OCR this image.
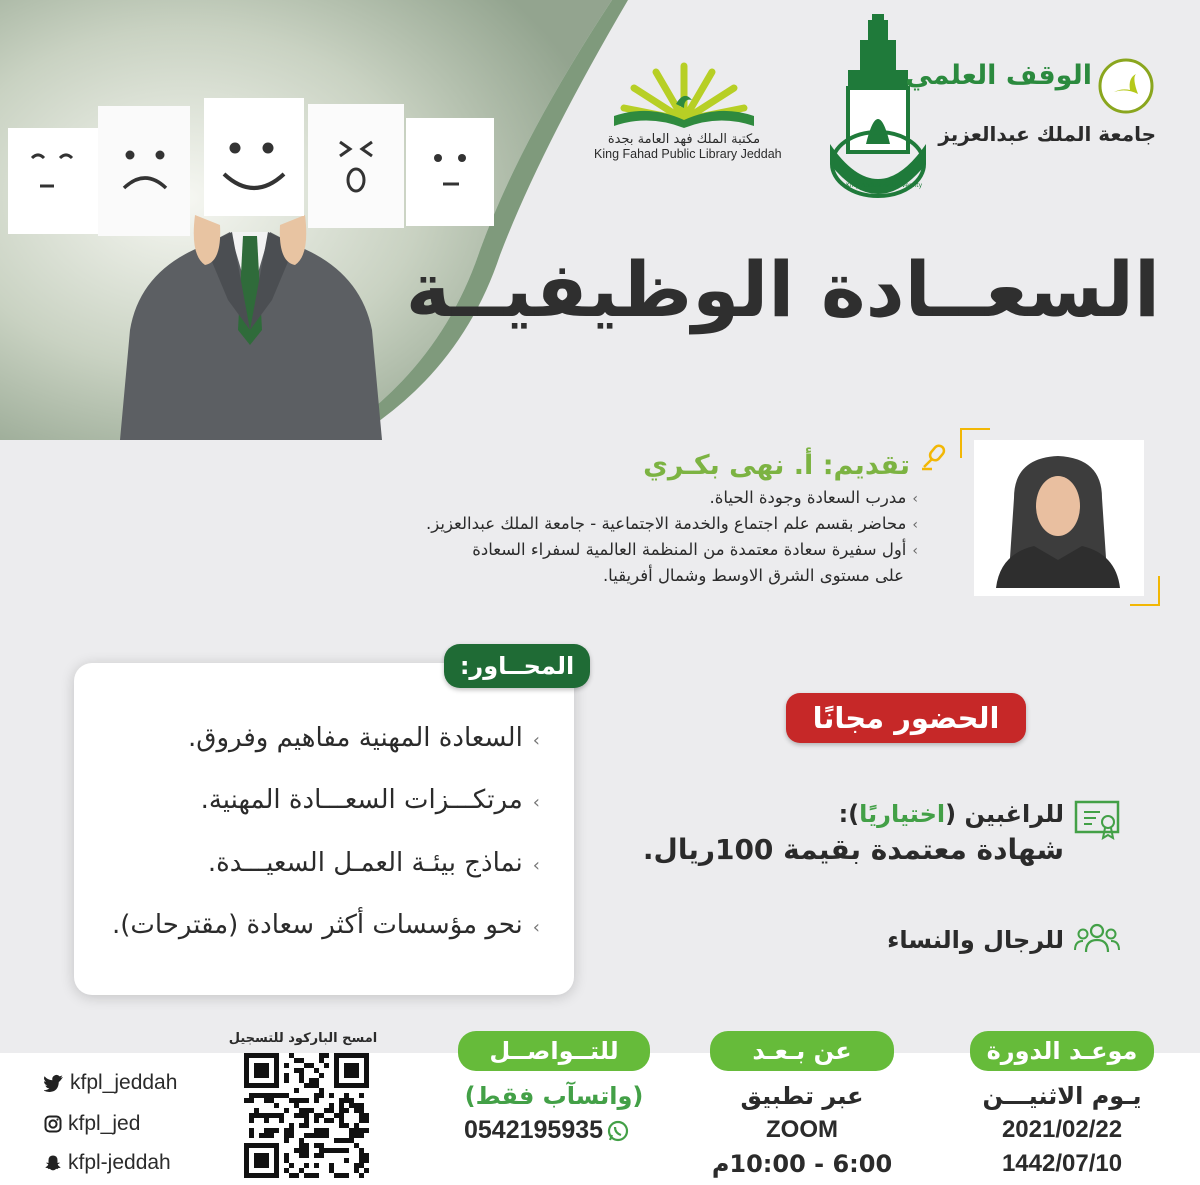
مكتبة الملك فهد العامة بجدة
King Fahad Public Library Jeddah
King Abdulaziz University
الوقف العلمي
جامعة الملك عبدالعزيز
السعــادة الوظيفيــة
تقديم: أ. نهى بكـري
›مدرب السعادة وجودة الحياة.
›محاضر بقسم علم اجتماع والخدمة الاجتماعية - جامعة الملك عبدالعزيز.
›أول سفيرة سعادة معتمدة من المنظمة العالمية لسفراء السعادة
على مستوى الشرق الاوسط وشمال أفريقيا.
المحــاور:
›السعادة المهنية مفاهيم وفروق.
›مرتكـــزات السعـــادة المهنية.
›نماذج بيئـة العمـل السعيـــدة.
›نحو مؤسسات أكثر سعادة (مقترحات).
الحضور مجانًا
للراغبين (اختياريًا):
شهادة معتمدة بقيمة 100ريال.
للرجال والنساء
موعـد الدورة
يـوم الاثنيـــن
2021/02/22
1442/07/10
عن بـعـد
عبر تطبيق
ZOOM
6:00 - 10:00م
للتــواصــل
(واتسآب فقط)
0542195935
امسح الباركود للتسجيل
kfpl_jeddah
kfpl_jed
kfpl-jeddah
